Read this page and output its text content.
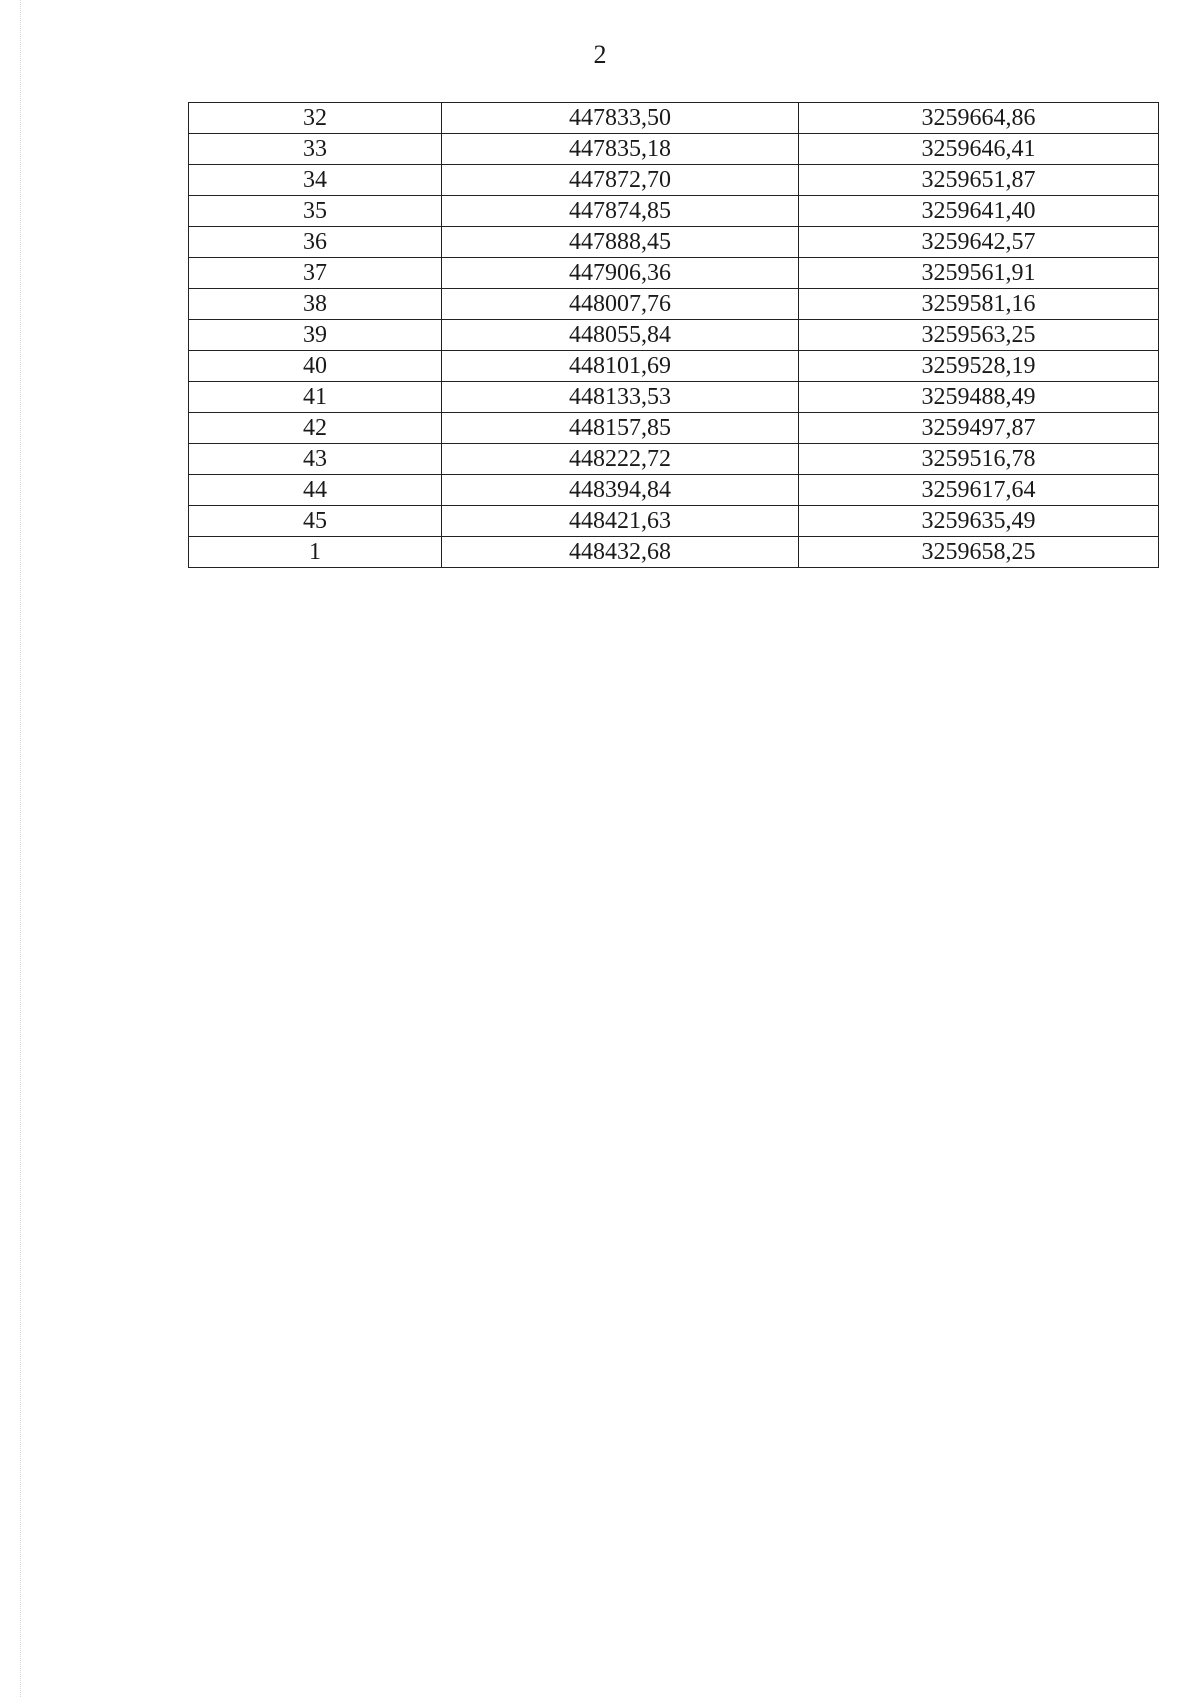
2
32	447833,50	3259664,86
33	447835,18	3259646,41
34	447872,70	3259651,87
35	447874,85	3259641,40
36	447888,45	3259642,57
37	447906,36	3259561,91
38	448007,76	3259581,16
39	448055,84	3259563,25
40	448101,69	3259528,19
41	448133,53	3259488,49
42	448157,85	3259497,87
43	448222,72	3259516,78
44	448394,84	3259617,64
45	448421,63	3259635,49
1	448432,68	3259658,25
